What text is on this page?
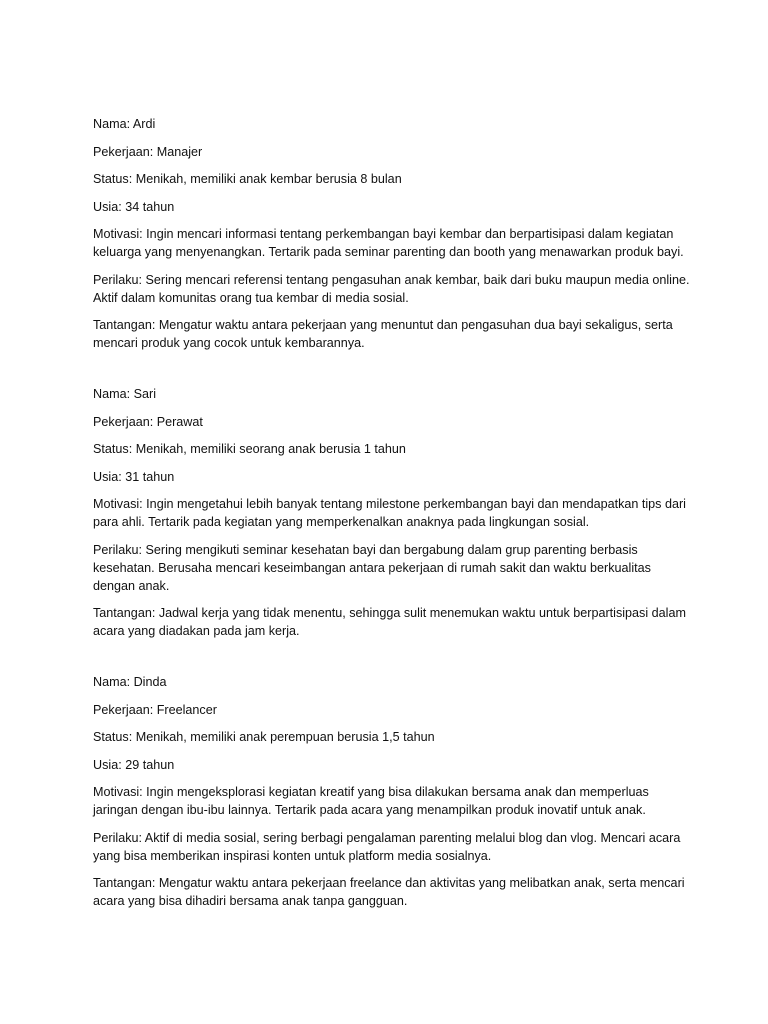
Nama: Ardi

Pekerjaan: Manajer

Status: Menikah, memiliki anak kembar berusia 8 bulan

Usia: 34 tahun

Motivasi: Ingin mencari informasi tentang perkembangan bayi kembar dan berpartisipasi dalam kegiatan keluarga yang menyenangkan. Tertarik pada seminar parenting dan booth yang menawarkan produk bayi.

Perilaku: Sering mencari referensi tentang pengasuhan anak kembar, baik dari buku maupun media online. Aktif dalam komunitas orang tua kembar di media sosial.

Tantangan: Mengatur waktu antara pekerjaan yang menuntut dan pengasuhan dua bayi sekaligus, serta mencari produk yang cocok untuk kembarannya.

Nama: Sari

Pekerjaan: Perawat

Status: Menikah, memiliki seorang anak berusia 1 tahun

Usia: 31 tahun

Motivasi: Ingin mengetahui lebih banyak tentang milestone perkembangan bayi dan mendapatkan tips dari para ahli. Tertarik pada kegiatan yang memperkenalkan anaknya pada lingkungan sosial.

Perilaku: Sering mengikuti seminar kesehatan bayi dan bergabung dalam grup parenting berbasis kesehatan. Berusaha mencari keseimbangan antara pekerjaan di rumah sakit dan waktu berkualitas dengan anak.

Tantangan: Jadwal kerja yang tidak menentu, sehingga sulit menemukan waktu untuk berpartisipasi dalam acara yang diadakan pada jam kerja.

Nama: Dinda

Pekerjaan: Freelancer

Status: Menikah, memiliki anak perempuan berusia 1,5 tahun

Usia: 29 tahun

Motivasi: Ingin mengeksplorasi kegiatan kreatif yang bisa dilakukan bersama anak dan memperluas jaringan dengan ibu-ibu lainnya. Tertarik pada acara yang menampilkan produk inovatif untuk anak.

Perilaku: Aktif di media sosial, sering berbagi pengalaman parenting melalui blog dan vlog. Mencari acara yang bisa memberikan inspirasi konten untuk platform media sosialnya.

Tantangan: Mengatur waktu antara pekerjaan freelance dan aktivitas yang melibatkan anak, serta mencari acara yang bisa dihadiri bersama anak tanpa gangguan.
